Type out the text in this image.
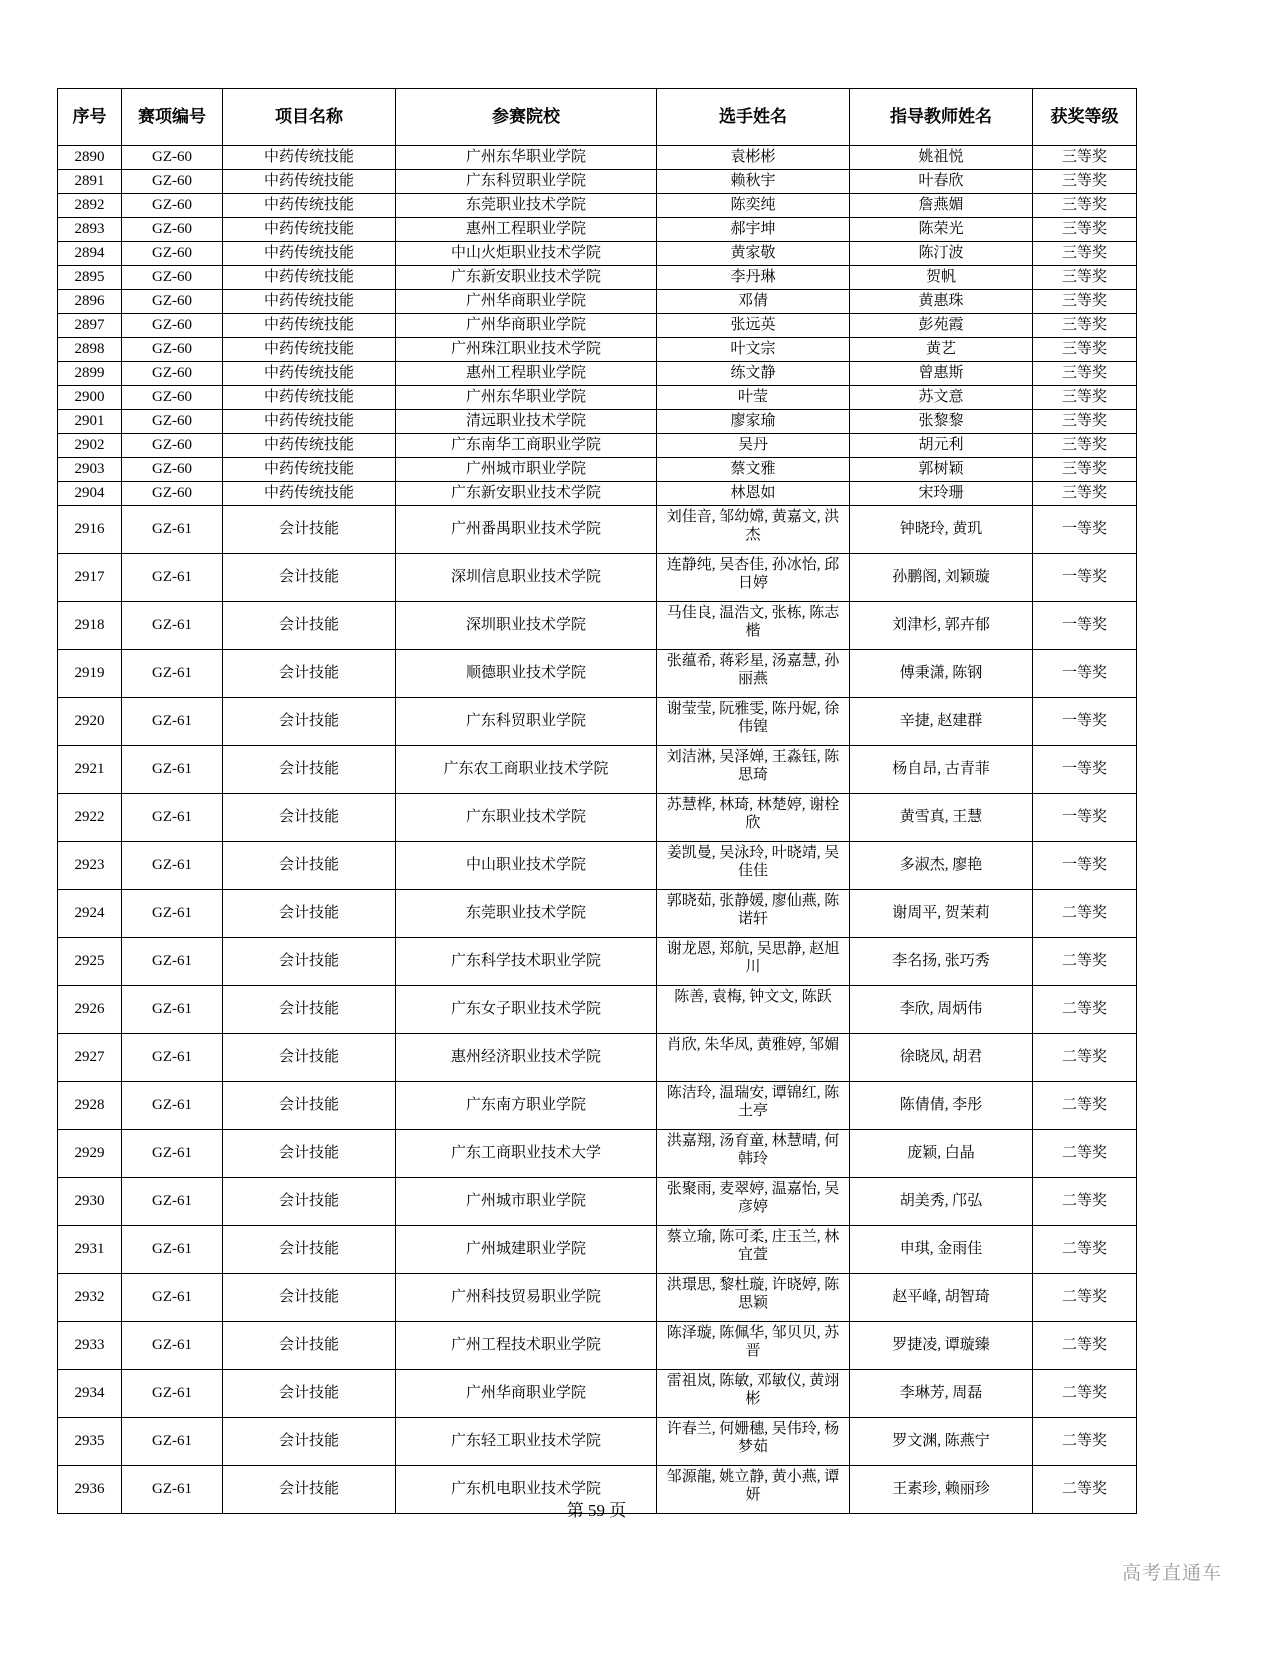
序号	赛项编号	项目名称	参赛院校	选手姓名	指导教师姓名	获奖等级
2890	GZ-60	中药传统技能	广州东华职业学院	袁彬彬	姚祖悦	三等奖
2891	GZ-60	中药传统技能	广东科贸职业学院	赖秋宇	叶春欣	三等奖
2892	GZ-60	中药传统技能	东莞职业技术学院	陈奕纯	詹燕媚	三等奖
2893	GZ-60	中药传统技能	惠州工程职业学院	郝宇坤	陈荣光	三等奖
2894	GZ-60	中药传统技能	中山火炬职业技术学院	黄家敬	陈汀波	三等奖
2895	GZ-60	中药传统技能	广东新安职业技术学院	李丹琳	贺帆	三等奖
2896	GZ-60	中药传统技能	广州华商职业学院	邓倩	黄惠珠	三等奖
2897	GZ-60	中药传统技能	广州华商职业学院	张远英	彭苑霞	三等奖
2898	GZ-60	中药传统技能	广州珠江职业技术学院	叶文宗	黄艺	三等奖
2899	GZ-60	中药传统技能	惠州工程职业学院	练文静	曾惠斯	三等奖
2900	GZ-60	中药传统技能	广州东华职业学院	叶莹	苏文意	三等奖
2901	GZ-60	中药传统技能	清远职业技术学院	廖家瑜	张黎黎	三等奖
2902	GZ-60	中药传统技能	广东南华工商职业学院	吴丹	胡元利	三等奖
2903	GZ-60	中药传统技能	广州城市职业学院	蔡文雅	郭树颖	三等奖
2904	GZ-60	中药传统技能	广东新安职业技术学院	林恩如	宋玲珊	三等奖
2916	GZ-61	会计技能	广州番禺职业技术学院	刘佳音, 邹幼嫦, 黄嘉文, 洪杰	钟晓玲, 黄玑	一等奖
2917	GZ-61	会计技能	深圳信息职业技术学院	连静纯, 吴杏佳, 孙冰怡, 邱日婷	孙鹏阁, 刘颖璇	一等奖
2918	GZ-61	会计技能	深圳职业技术学院	马佳良, 温浩文, 张栋, 陈志楷	刘津杉, 郭卉郁	一等奖
2919	GZ-61	会计技能	顺德职业技术学院	张蕴希, 蒋彩星, 汤嘉慧, 孙丽燕	傅秉潇, 陈钢	一等奖
2920	GZ-61	会计技能	广东科贸职业学院	谢莹莹, 阮雅雯, 陈丹妮, 徐伟锽	辛捷, 赵建群	一等奖
2921	GZ-61	会计技能	广东农工商职业技术学院	刘洁淋, 吴泽婵, 王淼钰, 陈思琦	杨自昂, 古青菲	一等奖
2922	GZ-61	会计技能	广东职业技术学院	苏慧桦, 林琦, 林楚婷, 谢栓欣	黄雪真, 王慧	一等奖
2923	GZ-61	会计技能	中山职业技术学院	姜凯曼, 吴泳玲, 叶晓靖, 吴佳佳	多淑杰, 廖艳	一等奖
2924	GZ-61	会计技能	东莞职业技术学院	郭晓茹, 张静媛, 廖仙燕, 陈诺轩	谢周平, 贺茉莉	二等奖
2925	GZ-61	会计技能	广东科学技术职业学院	谢龙恩, 郑航, 吴思静, 赵旭川	李名扬, 张巧秀	二等奖
2926	GZ-61	会计技能	广东女子职业技术学院	陈善, 袁梅, 钟文文, 陈跃	李欣, 周炳伟	二等奖
2927	GZ-61	会计技能	惠州经济职业技术学院	肖欣, 朱华凤, 黄雅婷, 邹媚	徐晓凤, 胡君	二等奖
2928	GZ-61	会计技能	广东南方职业学院	陈洁玲, 温瑞安, 谭锦红, 陈土亭	陈倩倩, 李彤	二等奖
2929	GZ-61	会计技能	广东工商职业技术大学	洪嘉翔, 汤育童, 林慧晴, 何韩玲	庞颖, 白晶	二等奖
2930	GZ-61	会计技能	广州城市职业学院	张聚雨, 麦翠婷, 温嘉怡, 吴彦婷	胡美秀, 邝弘	二等奖
2931	GZ-61	会计技能	广州城建职业学院	蔡立瑜, 陈可柔, 庄玉兰, 林宜萱	申琪, 金雨佳	二等奖
2932	GZ-61	会计技能	广州科技贸易职业学院	洪璟思, 黎杜璇, 许晓婷, 陈思颖	赵平峰, 胡智琦	二等奖
2933	GZ-61	会计技能	广州工程技术职业学院	陈泽璇, 陈佩华, 邹贝贝, 苏晋	罗捷凌, 谭璇臻	二等奖
2934	GZ-61	会计技能	广州华商职业学院	雷祖岚, 陈敏, 邓敏仪, 黄翊彬	李琳芳, 周磊	二等奖
2935	GZ-61	会计技能	广东轻工职业技术学院	许春兰, 何姗穗, 吴伟玲, 杨梦茹	罗文渊, 陈燕宁	二等奖
2936	GZ-61	会计技能	广东机电职业技术学院	邹源龍, 姚立静, 黄小燕, 谭妍	王素珍, 赖丽珍	二等奖
第 59 页
高考直通车
